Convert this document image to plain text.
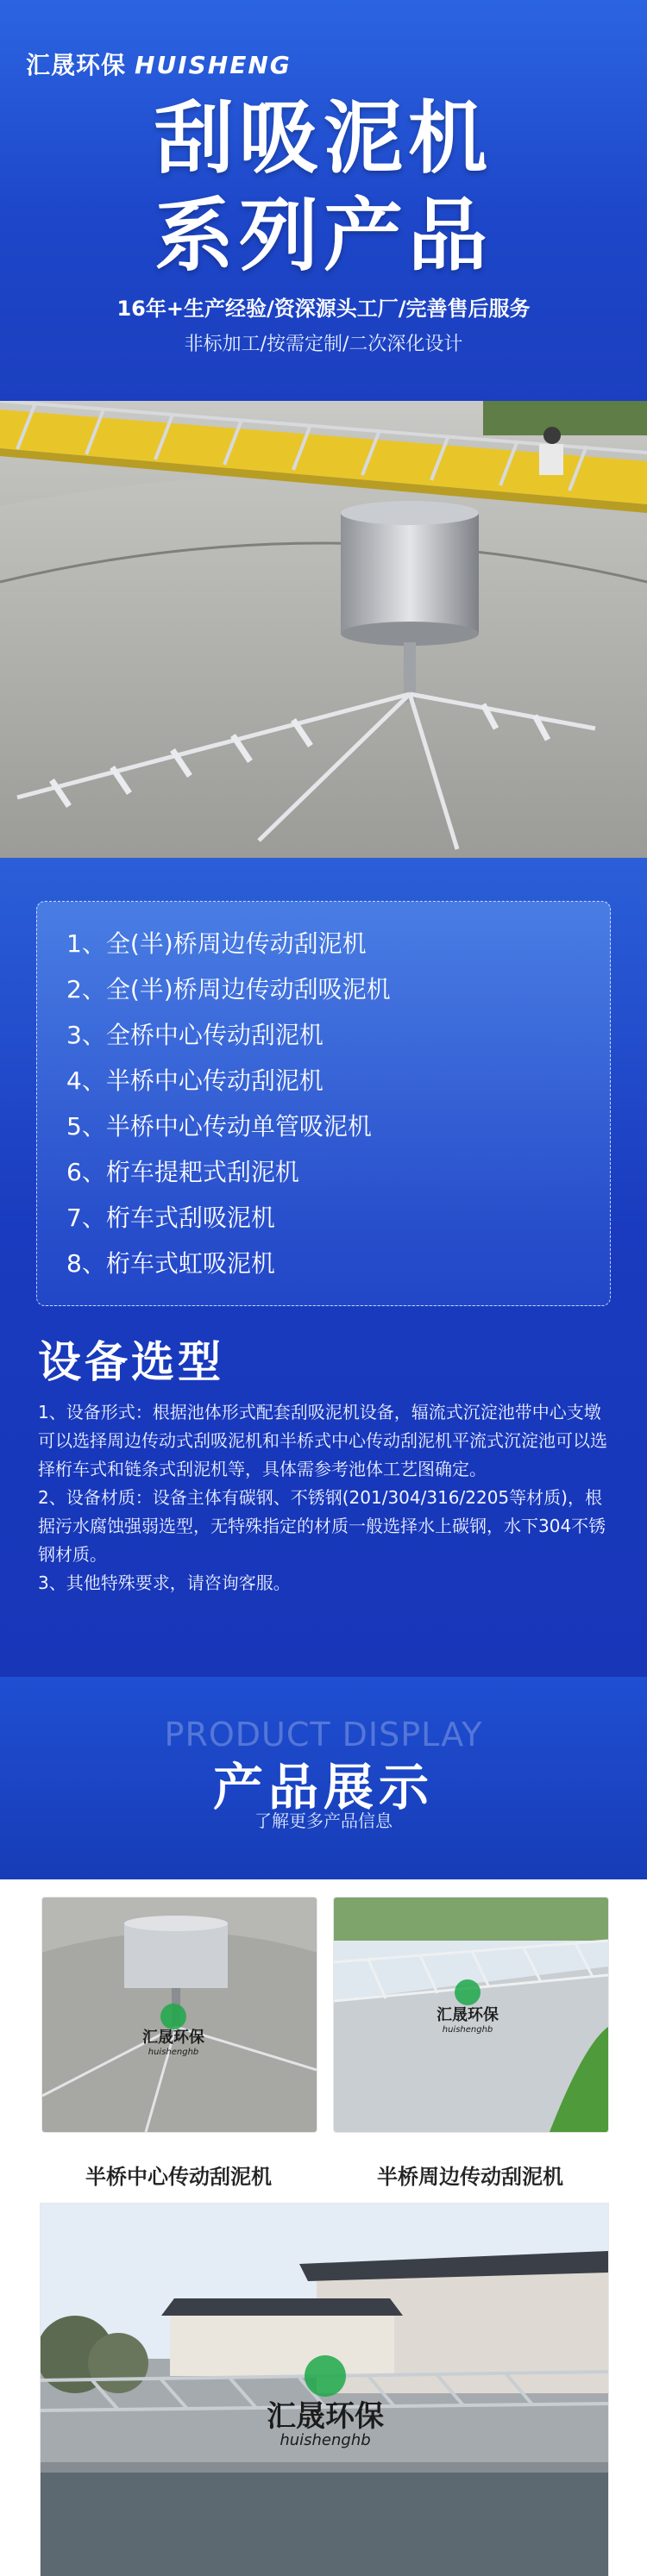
汇晟环保 HUISHENG
刮吸泥机
系列产品
16年+生产经验/资深源头工厂/完善售后服务
非标加工/按需定制/二次深化设计
1、全(半)桥周边传动刮泥机
2、全(半)桥周边传动刮吸泥机
3、全桥中心传动刮泥机
4、半桥中心传动刮泥机
5、半桥中心传动单管吸泥机
6、桁车提耙式刮泥机
7、桁车式刮吸泥机
8、桁车式虹吸泥机
设备选型

1、设备形式：根据池体形式配套刮吸泥机设备，辐流式沉淀池带中心支墩可以选择周边传动式刮吸泥机和半桥式中心传动刮泥机平流式沉淀池可以选择桁车式和链条式刮泥机等，具体需参考池体工艺图确定。

2、设备材质：设备主体有碳钢、不锈钢(201/304/316/2205等材质)，根据污水腐蚀强弱选型，无特殊指定的材质一般选择水上碳钢，水下304不锈钢材质。

3、其他特殊要求，请咨询客服。

PRODUCT DISPLAY
产品展示
了解更多产品信息
汇晟环保
huishenghb
半桥中心传动刮泥机
汇晟环保
huishenghb
半桥周边传动刮泥机
汇晟环保
huishenghb
